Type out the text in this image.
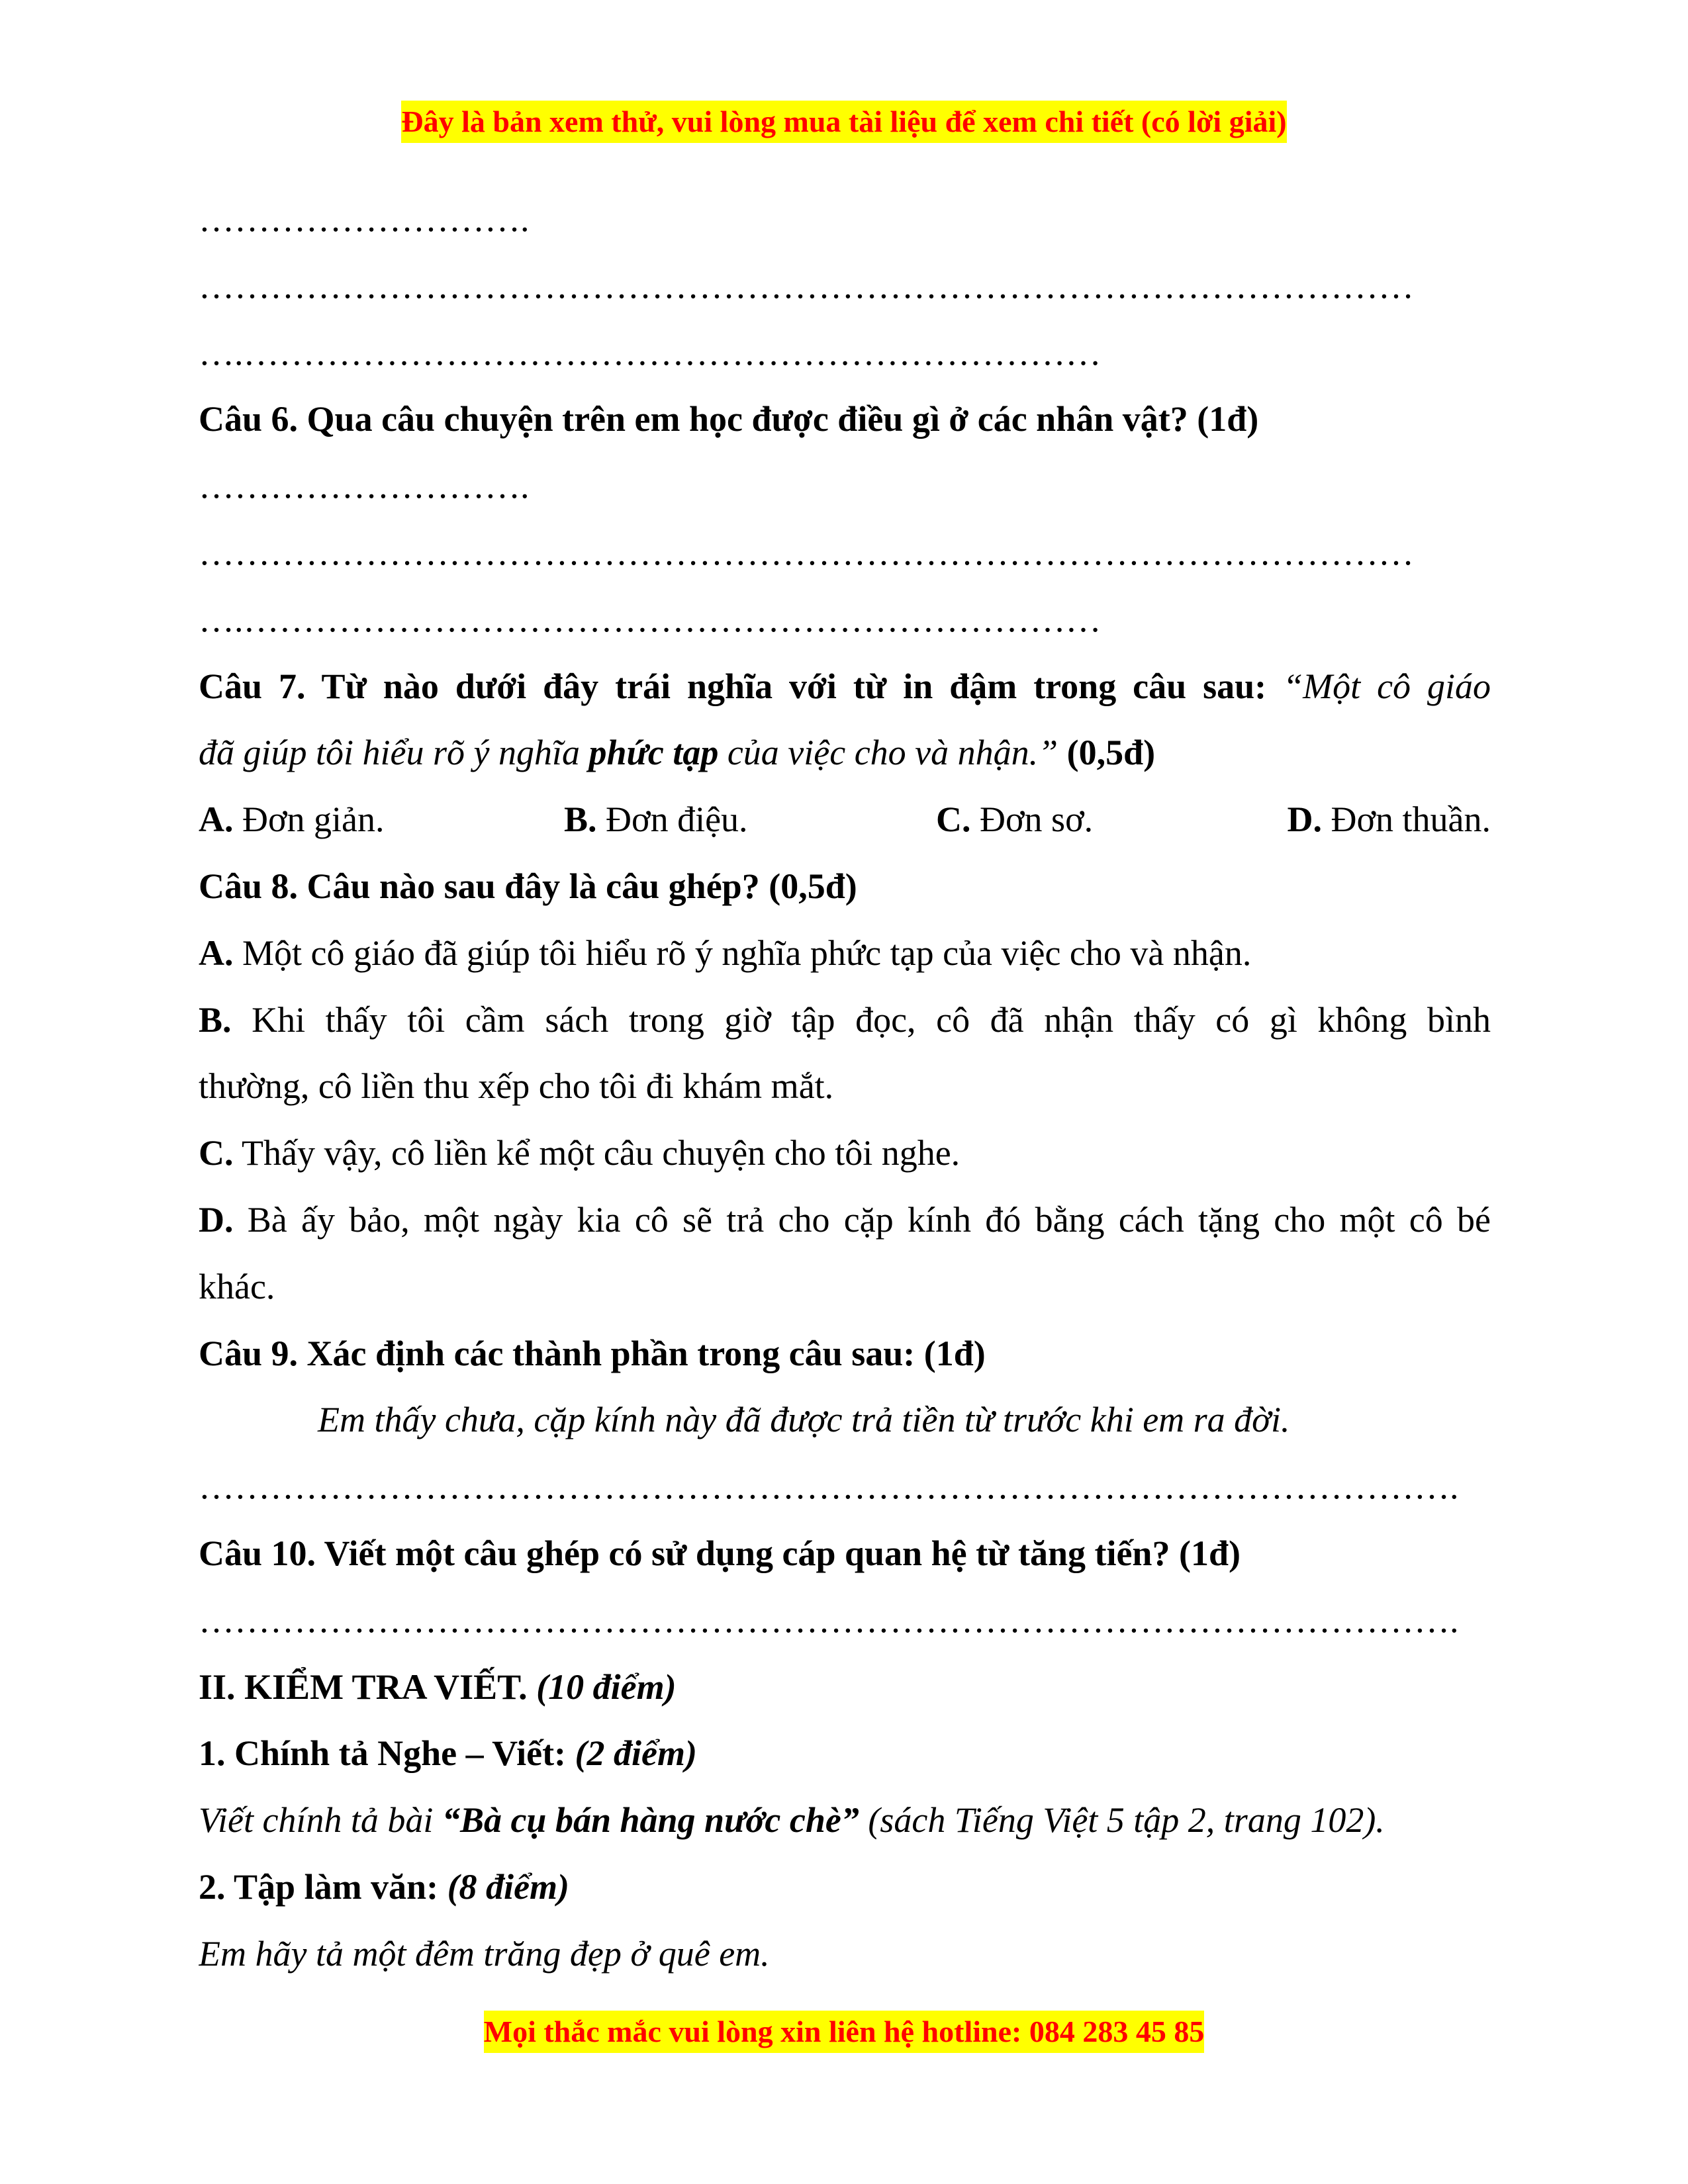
Đây là bản xem thử, vui lòng mua tài liệu để xem chi tiết (có lời giải)
……………………….
…………………………………………………………………………………………
….………………………………………………………………
Câu 6. Qua câu chuyện trên em học được điều gì ở các nhân vật? (1đ)
……………………….
…………………………………………………………………………………………
….………………………………………………………………
Câu 7. Từ nào dưới đây trái nghĩa với từ in đậm trong câu sau: “Một cô giáo
đã giúp tôi hiểu rõ ý nghĩa phức tạp của việc cho và nhận.” (0,5đ)
A. Đơn giản.	B. Đơn điệu.	C. Đơn sơ.	D. Đơn thuần.
Câu 8. Câu nào sau đây là câu ghép? (0,5đ)
A. Một cô giáo đã giúp tôi hiểu rõ ý nghĩa phức tạp của việc cho và nhận.
B. Khi thấy tôi cầm sách trong giờ tập đọc, cô đã nhận thấy có gì không bình
thường, cô liền thu xếp cho tôi đi khám mắt.
C. Thấy vậy, cô liền kể một câu chuyện cho tôi nghe.
D. Bà ấy bảo, một ngày kia cô sẽ trả cho cặp kính đó bằng cách tặng cho một cô bé
khác.
Câu 9. Xác định các thành phần trong câu sau: (1đ)
Em thấy chưa, cặp kính này đã được trả tiền từ trước khi em ra đời.
…………………………………………………………………………………………….
Câu 10. Viết một câu ghép có sử dụng cáp quan hệ từ tăng tiến? (1đ)
…………………………………………………………………………………………….
II. KIỂM TRA VIẾT. (10 điểm)
1. Chính tả Nghe – Viết: (2 điểm)
Viết chính tả bài “Bà cụ bán hàng nước chè” (sách Tiếng Việt 5 tập 2, trang 102).
2. Tập làm văn: (8 điểm)
Em hãy tả một đêm trăng đẹp ở quê em.
Mọi thắc mắc vui lòng xin liên hệ hotline: 084 283 45 85
